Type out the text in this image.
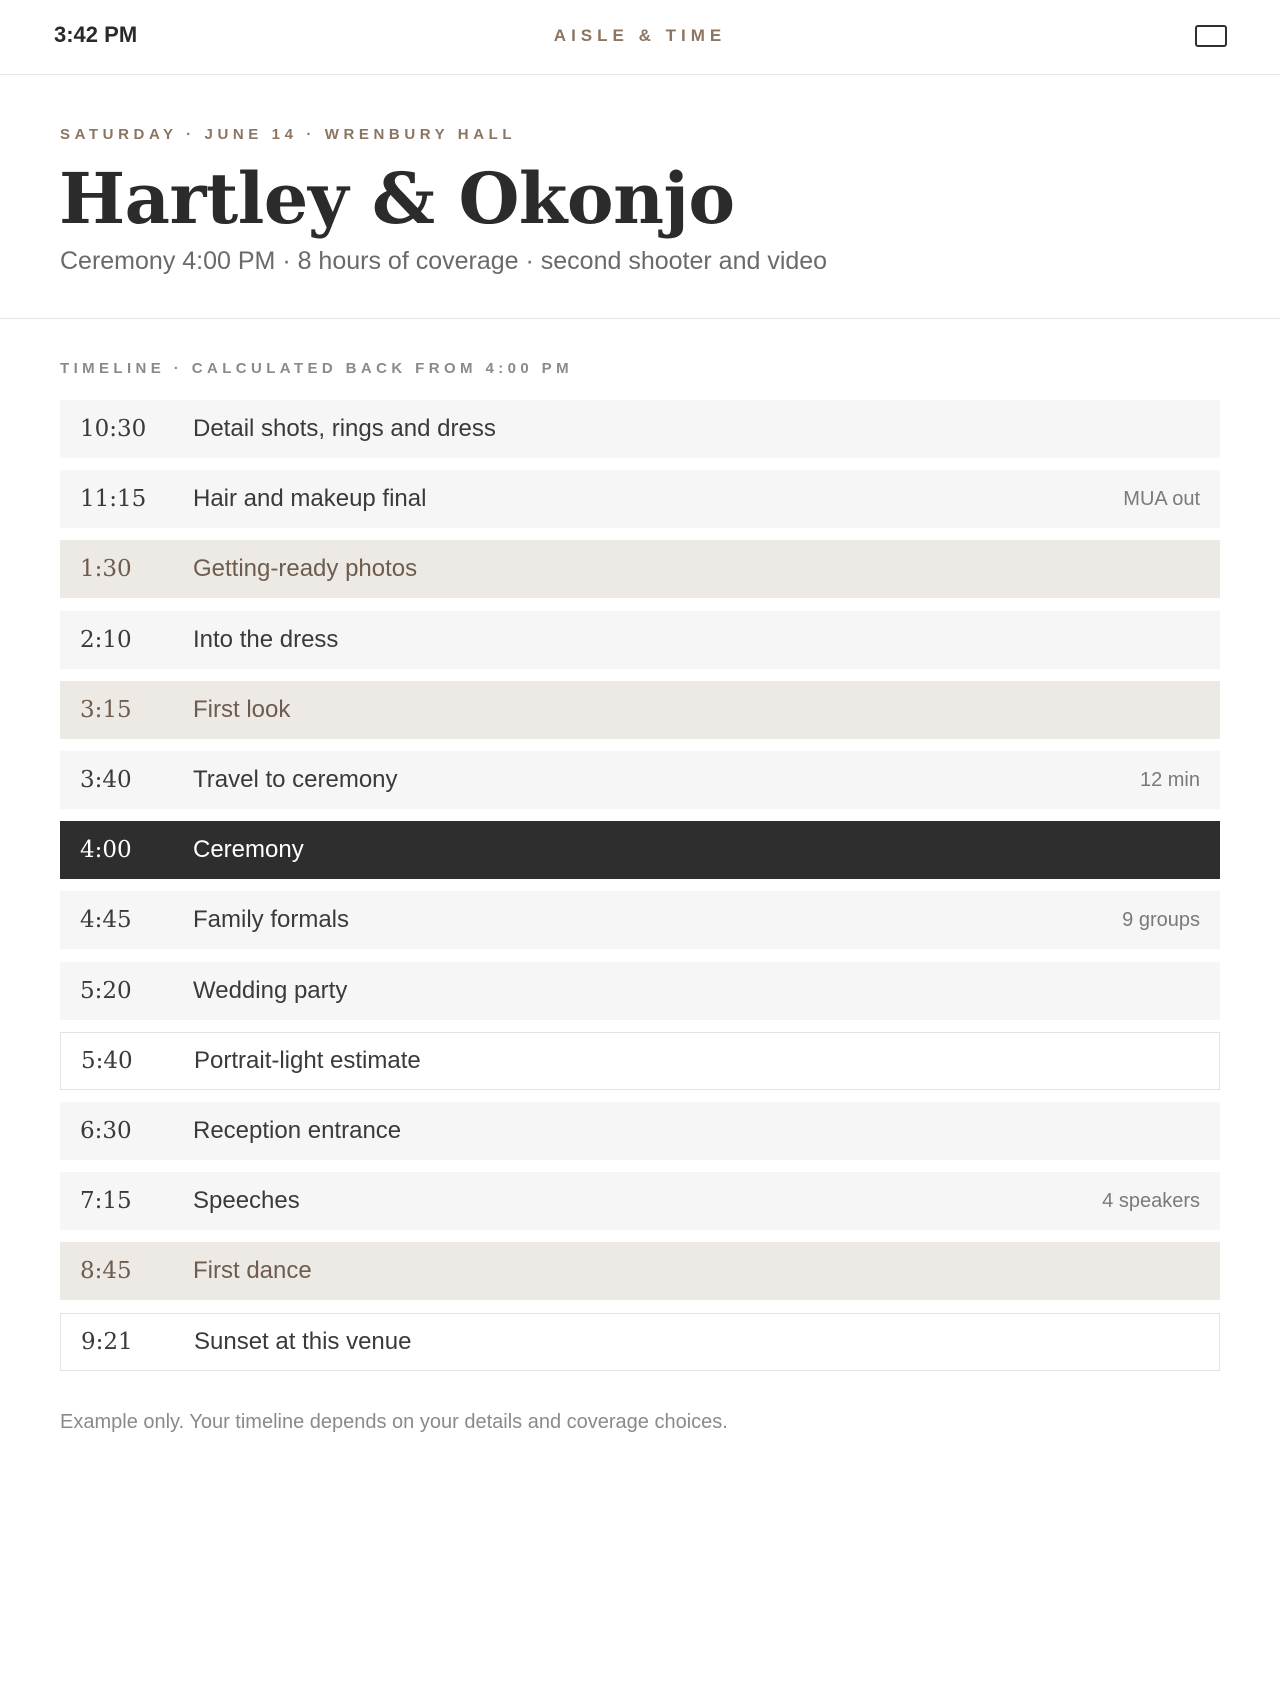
3:42 PM	AISLE & TIME
SATURDAY · JUNE 14 · WRENBURY HALL
Hartley & Okonjo
Ceremony 4:00 PM · 8 hours of coverage · second shooter and video
TIMELINE · CALCULATED BACK FROM 4:00 PM
10:30 Detail shots, rings and dress
11:15 Hair and makeup final	MUA out
1:30	Getting-ready photos
2:10	Into the dress
3:15	First look
3:40	Travel to ceremony	12 min
4:00	Ceremony
4:45	Family formals	9 groups
5:20	Wedding party
5:40	Portrait-light estimate
6:30	Reception entrance
7:15	Speeches	4 speakers
8:45	First dance
9:21	Sunset at this venue
Example only. Your timeline depends on your details and coverage choices.
